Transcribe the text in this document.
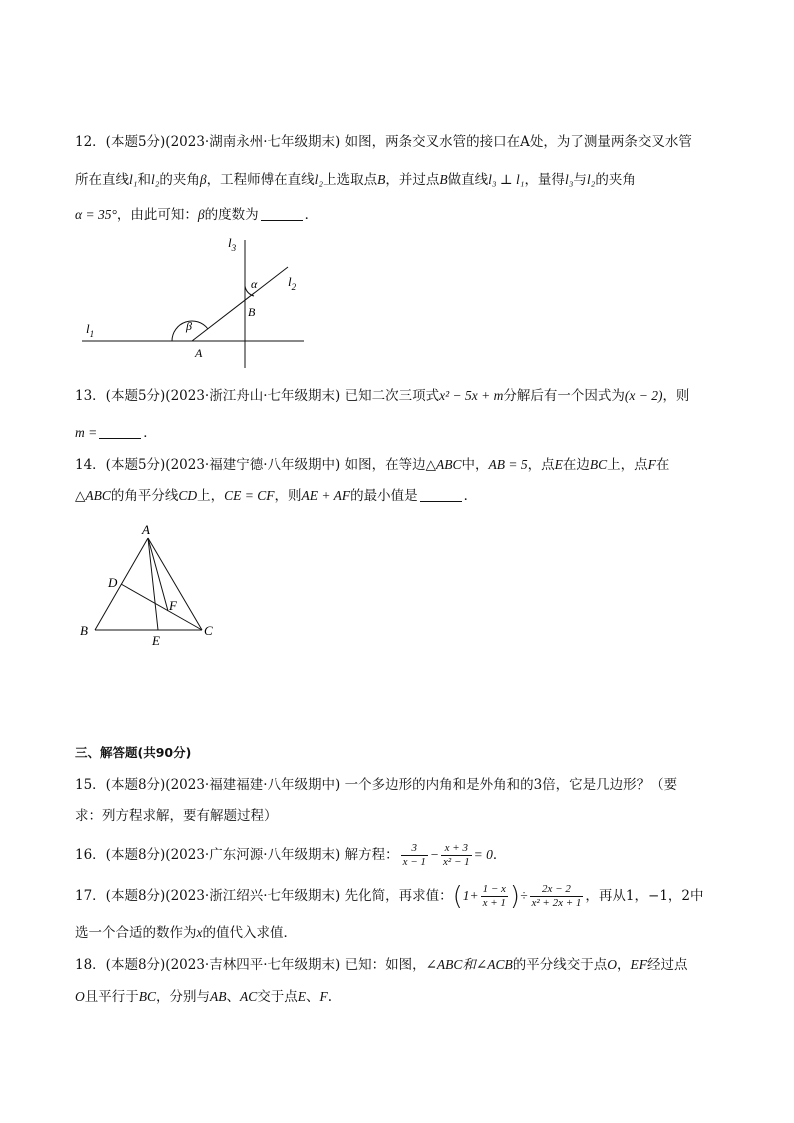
12．(本题5分)(2023·湖南永州·七年级期末) 如图，两条交叉水管的接口在A处，为了测量两条交叉水管
所在直线l₁和l₂的夹角β，工程师傅在直线l₂上选取点B，并过点B做直线l₃ ⊥ l₁，量得l₃与l₂的夹角
α = 35°，由此可知：β的度数为	．
$l_3$
$l_2$
$l_1$
α
β
B
A
13．(本题5分)(2023·浙江舟山·七年级期末) 已知二次三项式x² − 5x + m分解后有一个因式为(x − 2)，则
m =	．
14．(本题5分)(2023·福建宁德·八年级期中) 如图，在等边△ABC中，AB = 5，点E在边BC上，点F在
△ABC的角平分线CD上，CE = CF，则AE + AF的最小值是	．
A
B	C
D
E
F
三、解答题(共90分)
15．(本题8分)(2023·福建福建·八年级期中) 一个多边形的内角和是外角和的3倍，它是几边形？（要
求：列方程求解，要有解题过程）
16．(本题8分)(2023·广东河源·八年级期末) 解方程： $\frac{3}{x - 1} - \frac{x + 3}{\text{x² − 1}} = 0$．
17．(本题8分)(2023·浙江绍兴·七年级期末) 先化简，再求值：($1+ \frac{1 - x}{x + 1}$ )÷ $\frac{2x - 2}{\text{x² + 2x + 1}}$ ，再从1，−1，2中
选一个合适的数作为x的值代入求值．
18．(本题8分)(2023·吉林四平·七年级期末) 已知：如图，∠ABC和∠ACB的平分线交于点O，EF经过点
O且平行于BC，分别与AB、AC交于点E、F.
